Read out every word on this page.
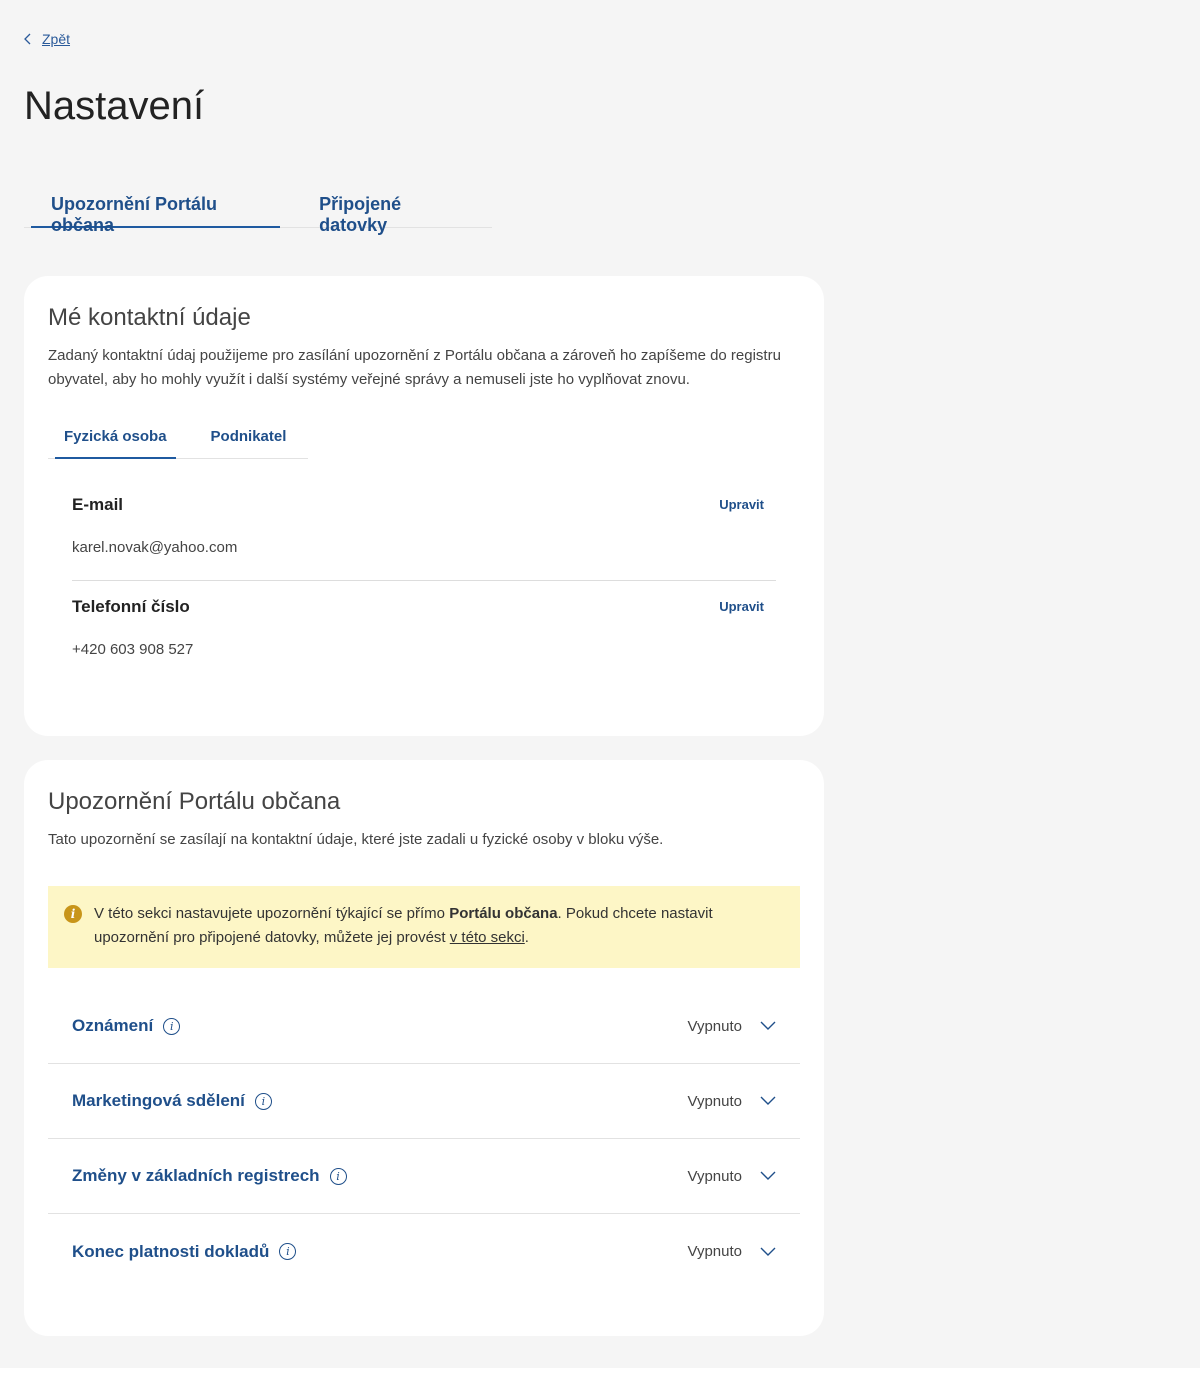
Zpět
Nastavení
Upozornění Portálu občana
Připojené datovky
Mé kontaktní údaje

Zadaný kontaktní údaj použijeme pro zasílání upozornění z Portálu občana a zároveň ho zapíšeme do registru obyvatel, aby ho mohly využít i další systémy veřejné správy a nemuseli jste ho vyplňovat znovu.

Fyzická osoba	Podnikatel
E-mail
karel.novak@yahoo.com
Upravit
Telefonní číslo
+420 603 908 527
Upravit
Upozornění Portálu občana

Tato upozornění se zasílají na kontaktní údaje, které jste zadali u fyzické osoby v bloku výše.

i	V této sekci nastavujete upozornění týkající se přímo Portálu občana. Pokud chcete nastavit upozornění pro připojené datovky, můžete jej provést v této sekci.
Oznámení	i	Vypnuto
Marketingová sdělení	i	Vypnuto
Změny v základních registrech	i	Vypnuto
Konec platnosti dokladů	i	Vypnuto
